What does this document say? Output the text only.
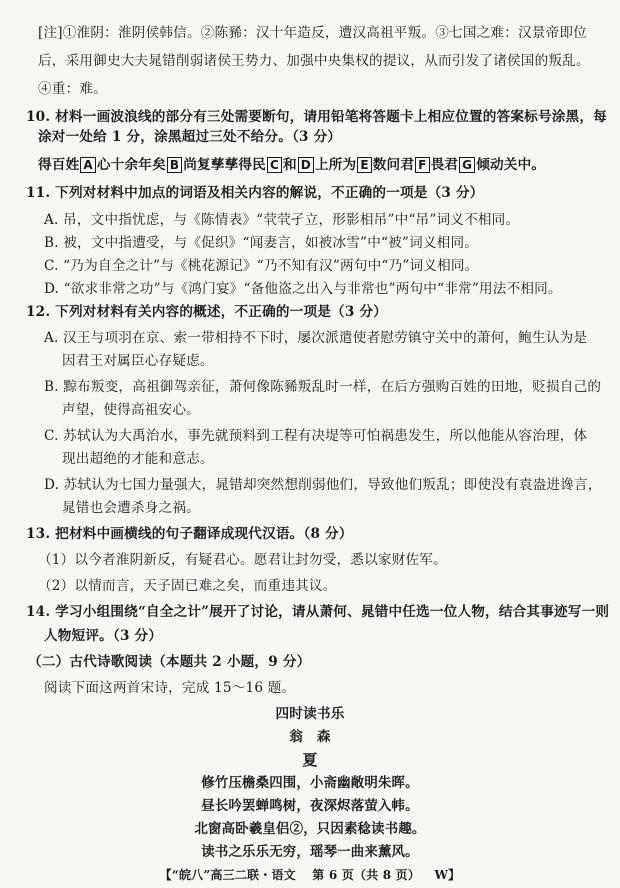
[注]①淮阴：淮阴侯韩信。②陈豨：汉十年造反，遭汉高祖平叛。③七国之难：汉景帝即位
后，采用御史大夫晁错削弱诸侯王势力、加强中央集权的提议，从而引发了诸侯国的叛乱。
④重：难。
10. 材料一画波浪线的部分有三处需要断句，请用铅笔将答题卡上相应位置的答案标号涂黑，每
涂对一处给 1 分，涂黑超过三处不给分。（3 分）
得百姓 A 心十余年矣 B 尚复孳孳得民 C 和 D 上所为 E 数问君 F 畏君 G 倾动关中。
11. 下列对材料中加点的词语及相关内容的解说，不正确的一项是（3 分）
A. 吊，文中指忧虑，与《陈情表》“茕茕孑立，形影相吊”中“吊”词义不相同。
B. 被，文中指遭受，与《促织》“闻妻言，如被冰雪”中“被”词义相同。
C. “乃为自全之计”与《桃花源记》“乃不知有汉”两句中“乃”词义相同。
D. “欲求非常之功”与《鸿门宴》“备他盗之出入与非常也”两句中“非常”用法不相同。
12. 下列对材料有关内容的概述，不正确的一项是（3 分）
A. 汉王与项羽在京、索一带相持不下时，屡次派遣使者慰劳镇守关中的萧何，鲍生认为是
因君王对属臣心存疑虑。
B. 黥布叛变，高祖御驾亲征，萧何像陈豨叛乱时一样，在后方强购百姓的田地，贬损自己的
声望，使得高祖安心。
C. 苏轼认为大禹治水，事先就预料到工程有决堤等可怕祸患发生，所以他能从容治理，体
现出超绝的才能和意志。
D. 苏轼认为七国力量强大，晁错却突然想削弱他们，导致他们叛乱；即使没有袁盎进谗言，
晁错也会遭杀身之祸。
13. 把材料中画横线的句子翻译成现代汉语。（8 分）
（1）以今者淮阴新反，有疑君心。愿君让封勿受，悉以家财佐军。
（2）以情而言，天子固已难之矣，而重违其议。
14. 学习小组围绕“自全之计”展开了讨论，请从萧何、晁错中任选一位人物，结合其事迹写一则
人物短评。（3 分）
（二）古代诗歌阅读（本题共 2 小题，9 分）
阅读下面这两首宋诗，完成 15～16 题。
四时读书乐
翁　森
夏
修竹压檐桑四围，小斋幽敞明朱晖。
昼长吟罢蝉鸣树，夜深烬落萤入帏。
北窗高卧羲皇侣②，只因素稔读书趣。
读书之乐乐无穷，瑶琴一曲来薰风。
【“皖八”高三二联・语文 第 6 页（共 8 页） W】
